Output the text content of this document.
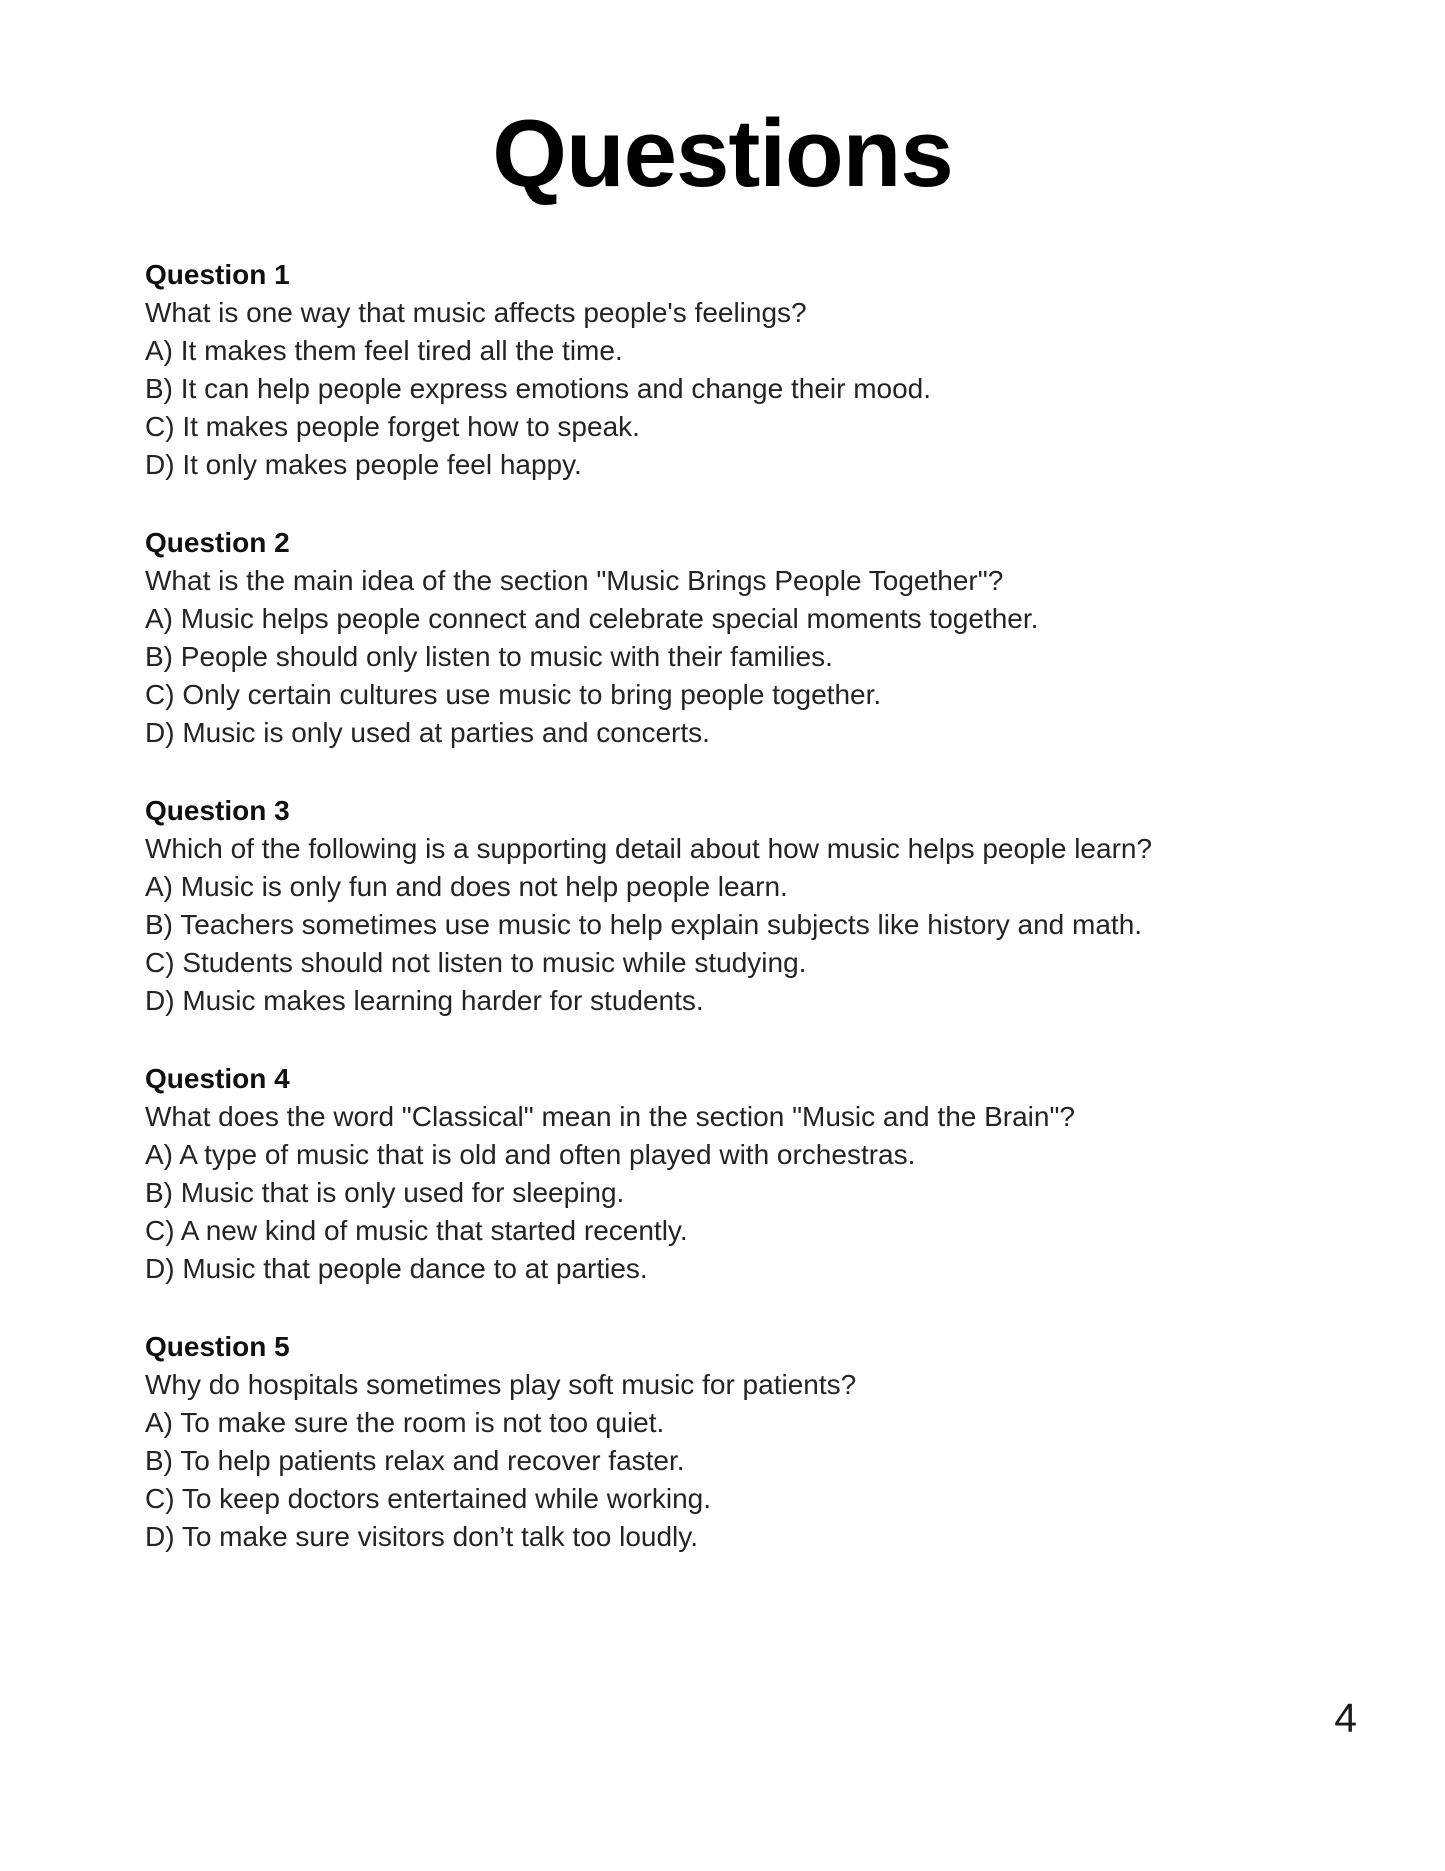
Questions
Question 1
What is one way that music affects people's feelings?
A) It makes them feel tired all the time.
B) It can help people express emotions and change their mood.
C) It makes people forget how to speak.
D) It only makes people feel happy.
Question 2
What is the main idea of the section "Music Brings People Together"?
A) Music helps people connect and celebrate special moments together.
B) People should only listen to music with their families.
C) Only certain cultures use music to bring people together.
D) Music is only used at parties and concerts.
Question 3
Which of the following is a supporting detail about how music helps people learn?
A) Music is only fun and does not help people learn.
B) Teachers sometimes use music to help explain subjects like history and math.
C) Students should not listen to music while studying.
D) Music makes learning harder for students.
Question 4
What does the word "Classical" mean in the section "Music and the Brain"?
A) A type of music that is old and often played with orchestras.
B) Music that is only used for sleeping.
C) A new kind of music that started recently.
D) Music that people dance to at parties.
Question 5
Why do hospitals sometimes play soft music for patients?
A) To make sure the room is not too quiet.
B) To help patients relax and recover faster.
C) To keep doctors entertained while working.
D) To make sure visitors don’t talk too loudly.
4
